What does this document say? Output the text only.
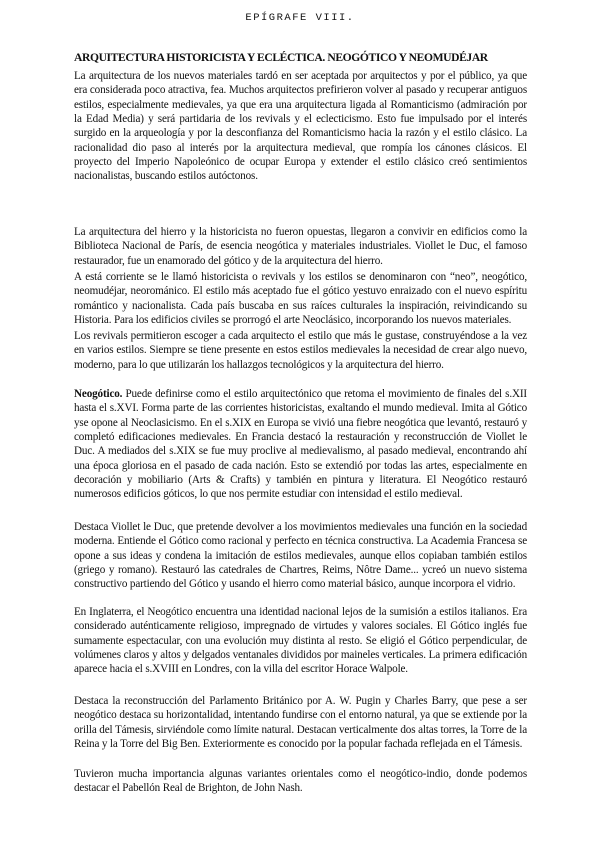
EPÍGRAFE VIII.
ARQUITECTURA HISTORICISTA Y ECLÉCTICA. NEOGÓTICO Y NEOMUDÉJAR

La arquitectura de los nuevos materiales tardó en ser aceptada por arquitectos y por el público, ya que era considerada poco atractiva, fea. Muchos arquitectos prefirieron volver al pasado y recuperar antiguos estilos, especialmente medievales, ya que era una arquitectura ligada al Romanticismo (admiración por la Edad Media) y será partidaria de los revivals y el eclecticismo. Esto fue impulsado por el interés surgido en la arqueología y por la desconfianza del Romanticismo hacia la razón y el estilo clásico. La racionalidad dio paso al interés por la arquitectura medieval, que rompía los cánones clásicos. El proyecto del Imperio Napoleónico de ocupar Europa y extender el estilo clásico creó sentimientos nacionalistas, buscando estilos autóctonos.

La arquitectura del hierro y la historicista no fueron opuestas, llegaron a convivir en edificios como la Biblioteca Nacional de París, de esencia neogótica y materiales industriales. Viollet le Duc, el famoso restaurador, fue un enamorado del gótico y de la arquitectura del hierro.

A está corriente se le llamó historicista o revivals y los estilos se denominaron con “neo”, neogótico, neomudéjar, neorománico. El estilo más aceptado fue el gótico yestuvo enraizado con el nuevo espíritu romántico y nacionalista. Cada país buscaba en sus raíces culturales la inspiración, reivindicando su Historia. Para los edificios civiles se prorrogó el arte Neoclásico, incorporando los nuevos materiales.

Los revivals permitieron escoger a cada arquitecto el estilo que más le gustase, construyéndose a la vez en varios estilos. Siempre se tiene presente en estos estilos medievales la necesidad de crear algo nuevo, moderno, para lo que utilizarán los hallazgos tecnológicos y la arquitectura del hierro.

Neogótico. Puede definirse como el estilo arquitectónico que retoma el movimiento de finales del s.XII hasta el s.XVI. Forma parte de las corrientes historicistas, exaltando el mundo medieval. Imita al Gótico yse opone al Neoclasicismo. En el s.XIX en Europa se vivió una fiebre neogótica que levantó, restauró y completó edificaciones medievales. En Francia destacó la restauración y reconstrucción de Viollet le Duc. A mediados del s.XIX se fue muy proclive al medievalismo, al pasado medieval, encontrando ahí una época gloriosa en el pasado de cada nación. Esto se extendió por todas las artes, especialmente en decoración y mobiliario (Arts & Crafts) y también en pintura y literatura. El Neogótico restauró numerosos edificios góticos, lo que nos permite estudiar con intensidad el estilo medieval.

Destaca Viollet le Duc, que pretende devolver a los movimientos medievales una función en la sociedad moderna. Entiende el Gótico como racional y perfecto en técnica constructiva. La Academia Francesa se opone a sus ideas y condena la imitación de estilos medievales, aunque ellos copiaban también estilos (griego y romano). Restauró las catedrales de Chartres, Reims, Nôtre Dame... ycreó un nuevo sistema constructivo partiendo del Gótico y usando el hierro como material básico, aunque incorpora el vidrio.

En Inglaterra, el Neogótico encuentra una identidad nacional lejos de la sumisión a estilos italianos. Era considerado auténticamente religioso, impregnado de virtudes y valores sociales. El Gótico inglés fue sumamente espectacular, con una evolución muy distinta al resto. Se eligió el Gótico perpendicular, de volúmenes claros y altos y delgados ventanales divididos por maineles verticales. La primera edificación aparece hacia el s.XVIII en Londres, con la villa del escritor Horace Walpole.

Destaca la reconstrucción del Parlamento Británico por A. W. Pugin y Charles Barry, que pese a ser neogótico destaca su horizontalidad, intentando fundirse con el entorno natural, ya que se extiende por la orilla del Támesis, sirviéndole como límite natural. Destacan verticalmente dos altas torres, la Torre de la Reina y la Torre del Big Ben. Exteriormente es conocido por la popular fachada reflejada en el Támesis.

Tuvieron mucha importancia algunas variantes orientales como el neogótico-indio, donde podemos destacar el Pabellón Real de Brighton, de John Nash.
